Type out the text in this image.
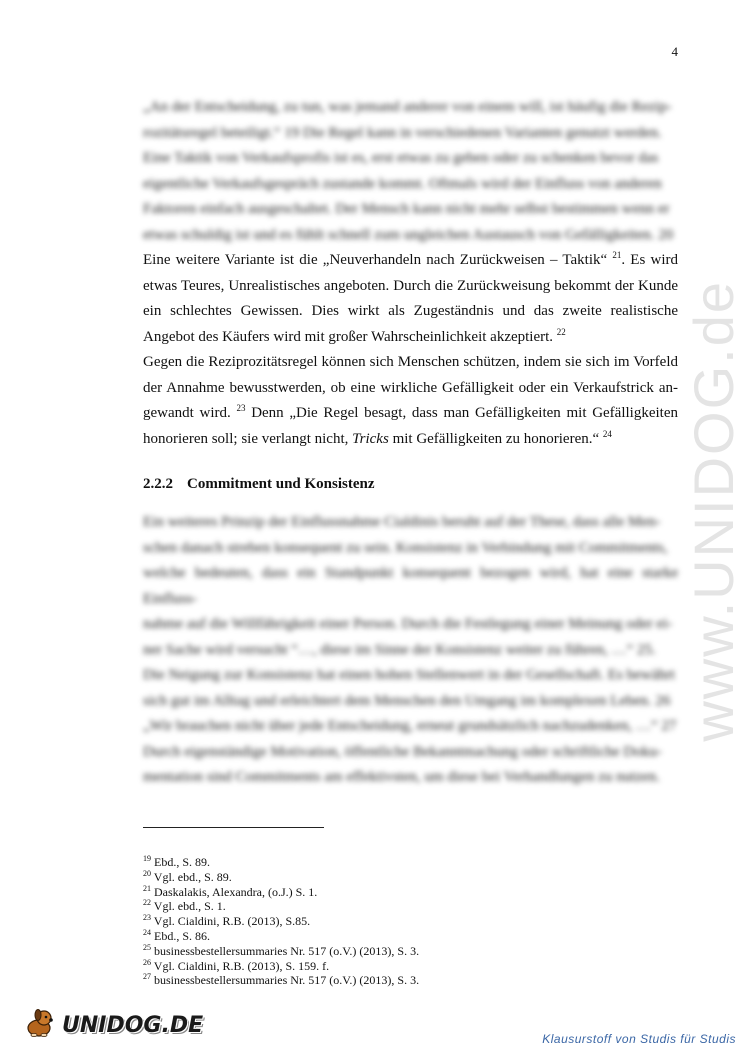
4
www.UNIDOG.de
„An der Entscheidung, zu tun, was jemand anderer von einem will, ist häufig die Rezip-
rozitätsregel beteiligt.“ 19 Die Regel kann in verschiedenen Varianten genutzt werden.
Eine Taktik von Verkaufsprofis ist es, erst etwas zu geben oder zu schenken bevor das
eigentliche Verkaufsgespräch zustande kommt. Oftmals wird der Einfluss von anderen
Faktoren einfach ausgeschaltet. Der Mensch kann nicht mehr selbst bestimmen wenn er
etwas schuldig ist und es fühlt schnell zum ungleichen Austausch von Gefälligkeiten. 20

Eine weitere Variante ist die „Neuverhandeln nach Zurückweisen – Taktik“ $^{21}$. Es wird etwas Teures, Unrealistisches angeboten. Durch die Zurückweisung bekommt der Kunde ein schlechtes Gewissen. Dies wirkt als Zugeständnis und das zweite realistische Angebot des Käufers wird mit großer Wahrscheinlichkeit akzeptiert. $^{22}$

Gegen die Reziprozitätsregel können sich Menschen schützen, indem sie sich im Vorfeld der Annahme bewusstwerden, ob eine wirkliche Gefälligkeit oder ein Verkaufstrick an-gewandt wird. $^{23}$ Denn „Die Regel besagt, dass man Gefälligkeiten mit Gefälligkeiten honorieren soll; sie verlangt nicht, Tricks mit Gefälligkeiten zu honorieren.“ $^{24}$

2.2.2 Commitment und Konsistenz
Ein weiteres Prinzip der Einflussnahme Cialdinis beruht auf der These, dass alle Men-
schen danach streben konsequent zu sein. Konsistenz in Verbindung mit Commitments,
welche bedeuten, dass ein Standpunkt konsequent bezogen wird, hat eine starke Einfluss-
nahme auf die Willfährigkeit einer Person. Durch die Festlegung einer Meinung oder ei-
ner Sache wird versucht “…, diese im Sinne der Konsistenz weiter zu führen, …“ 25.
Die Neigung zur Konsistenz hat einen hohen Stellenwert in der Gesellschaft. Es bewährt
sich gut im Alltag und erleichtert dem Menschen den Umgang im komplexen Leben. 26
„Wir brauchen nicht über jede Entscheidung, erneut grundsätzlich nachzudenken, …“ 27
Durch eigenständige Motivation, öffentliche Bekanntmachung oder schriftliche Doku-
mentation sind Commitments am effektivsten, um diese bei Verhandlungen zu nutzen.
$^{19}$ Ebd., S. 89.
$^{20}$ Vgl. ebd., S. 89.
$^{21}$ Daskalakis, Alexandra, (o.J.) S. 1.
$^{22}$ Vgl. ebd., S. 1.
$^{23}$ Vgl. Cialdini, R.B. (2013), S.85.
$^{24}$ Ebd., S. 86.
$^{25}$ businessbestellersummaries Nr. 517 (o.V.) (2013), S. 3.
$^{26}$ Vgl. Cialdini, R.B. (2013), S. 159. f.
$^{27}$ businessbestellersummaries Nr. 517 (o.V.) (2013), S. 3.
UNIDOG.DE
Klausurstoff von Studis für Studis
